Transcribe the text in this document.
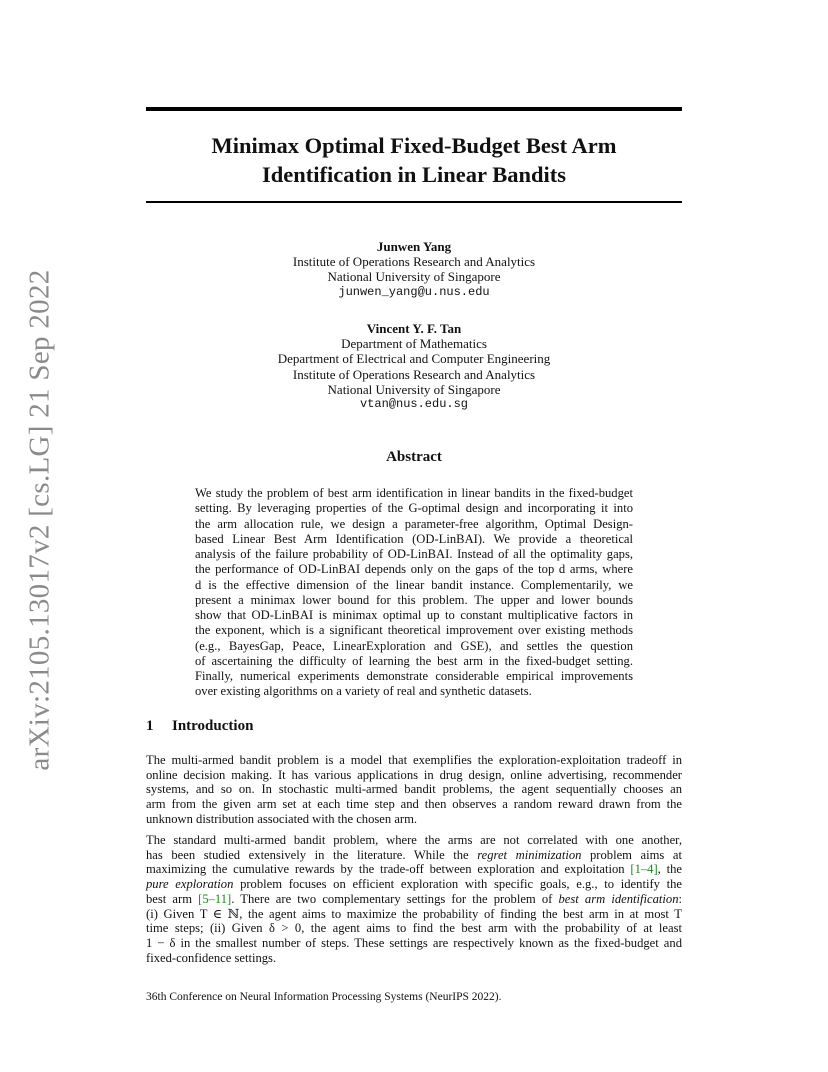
arXiv:2105.13017v2 [cs.LG] 21 Sep 2022
Minimax Optimal Fixed-Budget Best Arm
Identification in Linear Bandits
Junwen Yang
Institute of Operations Research and Analytics
National University of Singapore
junwen_yang@u.nus.edu
Vincent Y. F. Tan
Department of Mathematics
Department of Electrical and Computer Engineering
Institute of Operations Research and Analytics
National University of Singapore
vtan@nus.edu.sg
Abstract
We study the problem of best arm identification in linear bandits in the fixed-budget
setting. By leveraging properties of the G-optimal design and incorporating it into
the arm allocation rule, we design a parameter-free algorithm, Optimal Design-
based Linear Best Arm Identification (OD-LinBAI). We provide a theoretical
analysis of the failure probability of OD-LinBAI. Instead of all the optimality gaps,
the performance of OD-LinBAI depends only on the gaps of the top d arms, where
d is the effective dimension of the linear bandit instance. Complementarily, we
present a minimax lower bound for this problem. The upper and lower bounds
show that OD-LinBAI is minimax optimal up to constant multiplicative factors in
the exponent, which is a significant theoretical improvement over existing methods
(e.g., BayesGap, Peace, LinearExploration and GSE), and settles the question
of ascertaining the difficulty of learning the best arm in the fixed-budget setting.
Finally, numerical experiments demonstrate considerable empirical improvements
over existing algorithms on a variety of real and synthetic datasets.
1 Introduction
The multi-armed bandit problem is a model that exemplifies the exploration-exploitation tradeoff in
online decision making. It has various applications in drug design, online advertising, recommender
systems, and so on. In stochastic multi-armed bandit problems, the agent sequentially chooses an
arm from the given arm set at each time step and then observes a random reward drawn from the
unknown distribution associated with the chosen arm.
The standard multi-armed bandit problem, where the arms are not correlated with one another,
has been studied extensively in the literature. While the regret minimization problem aims at
maximizing the cumulative rewards by the trade-off between exploration and exploitation [1–4], the
pure exploration problem focuses on efficient exploration with specific goals, e.g., to identify the
best arm [5–11]. There are two complementary settings for the problem of best arm identification:
(i) Given T ∈ ℕ, the agent aims to maximize the probability of finding the best arm in at most T
time steps; (ii) Given δ > 0, the agent aims to find the best arm with the probability of at least
1 − δ in the smallest number of steps. These settings are respectively known as the fixed-budget and
fixed-confidence settings.
36th Conference on Neural Information Processing Systems (NeurIPS 2022).
